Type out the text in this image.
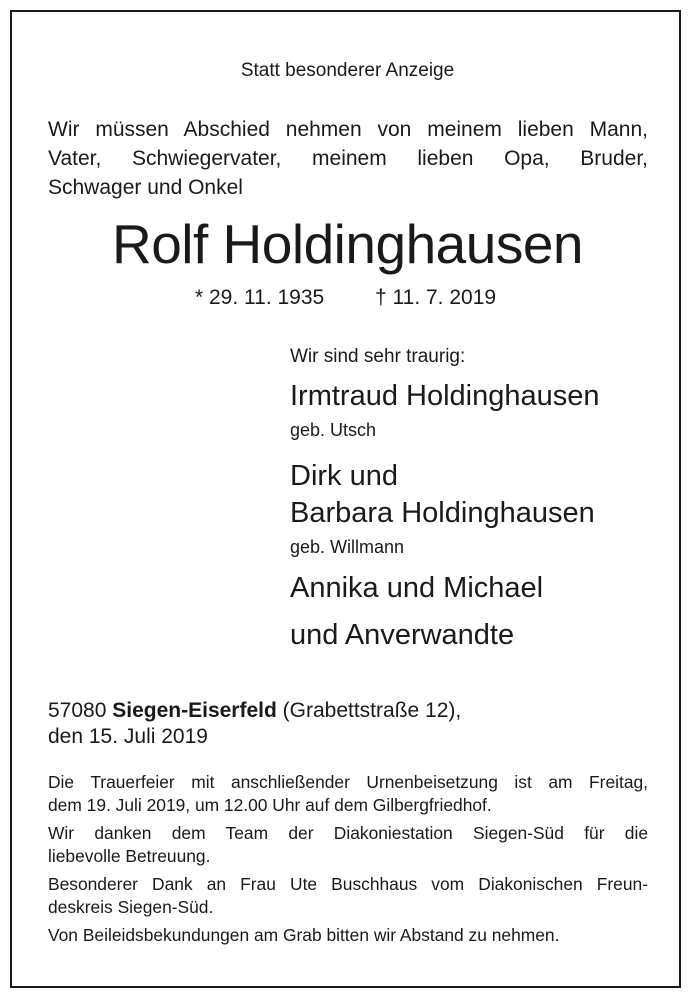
Statt besonderer Anzeige
Wir müssen Abschied nehmen von meinem lieben Mann,
Vater, Schwiegervater, meinem lieben Opa, Bruder,
Schwager und Onkel
Rolf Holdinghausen
* 29. 11. 1935 † 11. 7. 2019
Wir sind sehr traurig:
Irmtraud Holdinghausen
geb. Utsch
Dirk und
Barbara Holdinghausen
geb. Willmann
Annika und Michael
und Anverwandte
57080 Siegen-Eiserfeld (Grabettstraße 12),
den 15. Juli 2019

Die Trauerfeier mit anschließender Urnenbeisetzung ist am Freitag,
dem 19. Juli 2019, um 12.00 Uhr auf dem Gilbergfriedhof.

Wir danken dem Team der Diakoniestation Siegen-Süd für die
liebevolle Betreuung.

Besonderer Dank an Frau Ute Buschhaus vom Diakonischen Freun-
deskreis Siegen-Süd.

Von Beileidsbekundungen am Grab bitten wir Abstand zu nehmen.
